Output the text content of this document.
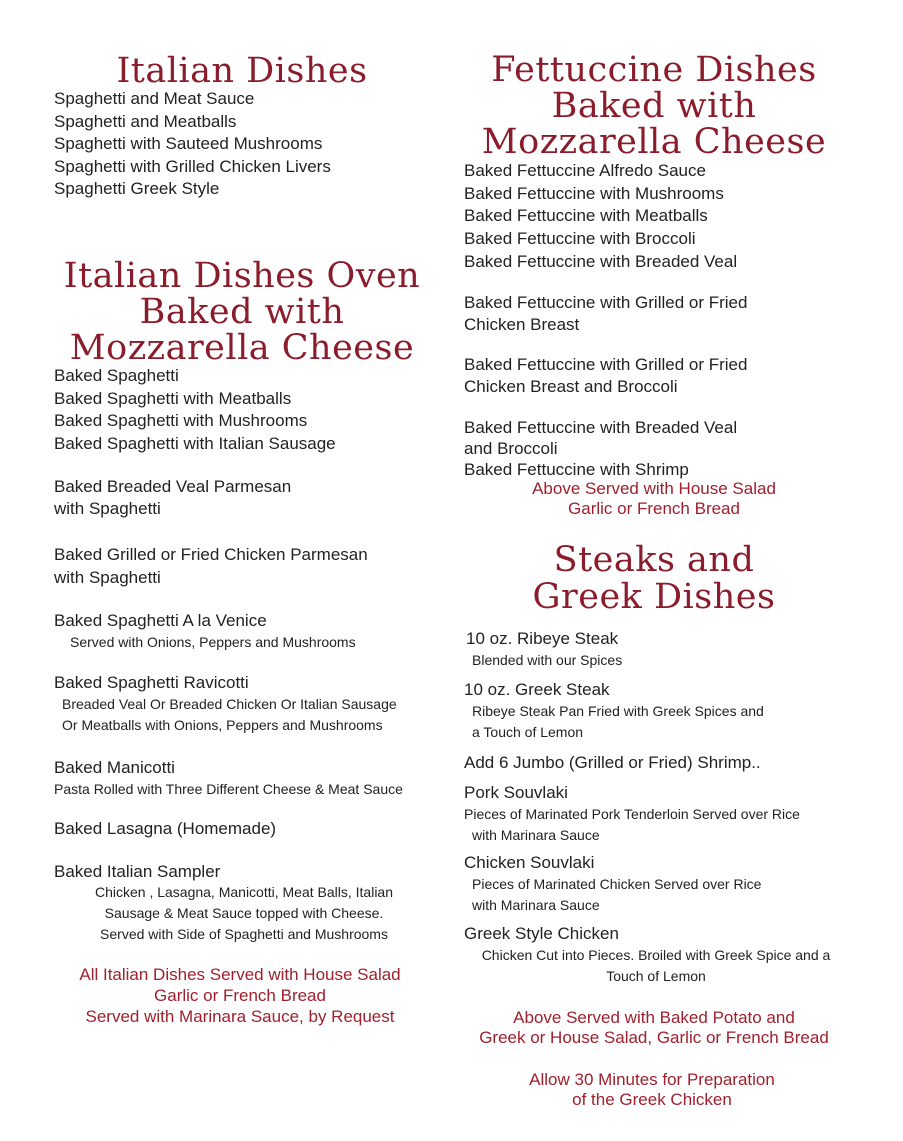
Italian Dishes

Spaghetti and Meat Sauce

Spaghetti and Meatballs

Spaghetti with Sauteed Mushrooms

Spaghetti with Grilled Chicken Livers

Spaghetti Greek Style

Italian Dishes Oven
Baked with
Mozzarella Cheese

Baked Spaghetti

Baked Spaghetti with Meatballs

Baked Spaghetti with Mushrooms

Baked Spaghetti with Italian Sausage

Baked Breaded Veal Parmesan

with Spaghetti

Baked Grilled or Fried Chicken Parmesan

with Spaghetti

Baked Spaghetti A la Venice

Served with Onions, Peppers and Mushrooms

Baked Spaghetti Ravicotti

Breaded Veal Or Breaded Chicken Or Italian Sausage

Or Meatballs with Onions, Peppers and Mushrooms

Baked Manicotti

Pasta Rolled with Three Different Cheese & Meat Sauce

Baked Lasagna (Homemade)

Baked Italian Sampler

Chicken , Lasagna, Manicotti, Meat Balls, Italian

Sausage & Meat Sauce topped with Cheese.

Served with Side of Spaghetti and Mushrooms

All Italian Dishes Served with House Salad

Garlic or French Bread

Served with Marinara Sauce, by Request

Fettuccine Dishes
Baked with
Mozzarella Cheese

Baked Fettuccine Alfredo Sauce

Baked Fettuccine with Mushrooms

Baked Fettuccine with Meatballs

Baked Fettuccine with Broccoli

Baked Fettuccine with Breaded Veal

Baked Fettuccine with Grilled or Fried

Chicken Breast

Baked Fettuccine with Grilled or Fried

Chicken Breast and Broccoli

Baked Fettuccine with Breaded Veal

and Broccoli

Baked Fettuccine with Shrimp

Above Served with House Salad

Garlic or French Bread

Steaks and
Greek Dishes

10 oz. Ribeye Steak

Blended with our Spices

10 oz. Greek Steak

Ribeye Steak Pan Fried with Greek Spices and

a Touch of Lemon

Add 6 Jumbo (Grilled or Fried) Shrimp..

Pork Souvlaki

Pieces of Marinated Pork Tenderloin Served over Rice

with Marinara Sauce

Chicken Souvlaki

Pieces of Marinated Chicken Served over Rice

with Marinara Sauce

Greek Style Chicken

Chicken Cut into Pieces. Broiled with Greek Spice and a

Touch of Lemon

Above Served with Baked Potato and

Greek or House Salad, Garlic or French Bread

Allow 30 Minutes for Preparation

of the Greek Chicken
